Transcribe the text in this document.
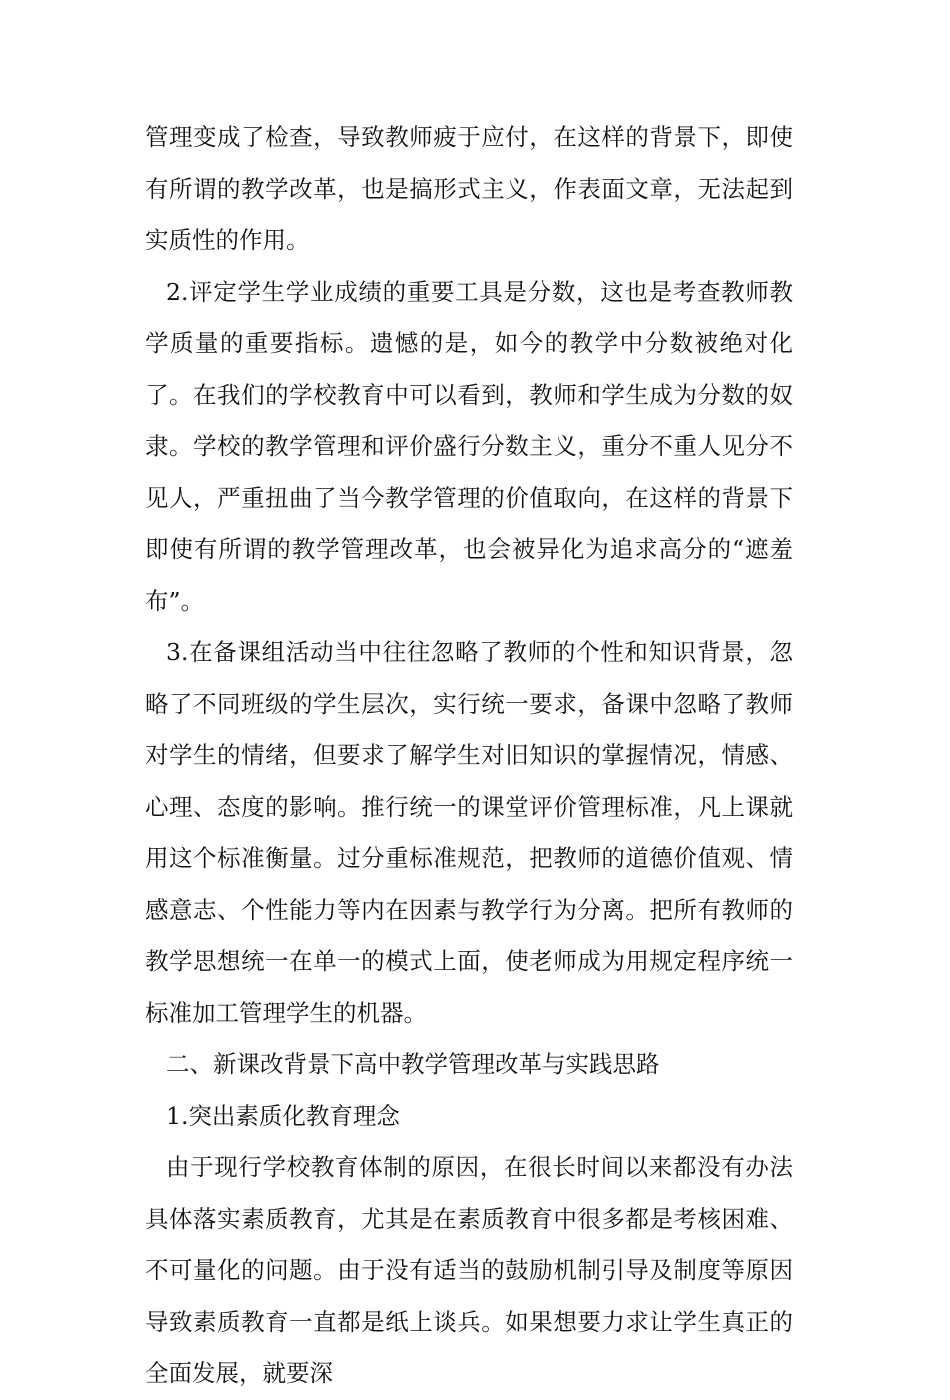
管理变成了检查，导致教师疲于应付，在这样的背景下，即使有所谓的教学改革，也是搞形式主义，作表面文章，无法起到实质性的作用。

2.评定学生学业成绩的重要工具是分数，这也是考查教师教学质量的重要指标。遗憾的是，如今的教学中分数被绝对化了。在我们的学校教育中可以看到，教师和学生成为分数的奴隶。学校的教学管理和评价盛行分数主义，重分不重人见分不见人，严重扭曲了当今教学管理的价值取向，在这样的背景下即使有所谓的教学管理改革，也会被异化为追求高分的“遮羞布”。

3.在备课组活动当中往往忽略了教师的个性和知识背景，忽略了不同班级的学生层次，实行统一要求，备课中忽略了教师对学生的情绪，但要求了解学生对旧知识的掌握情况，情感、心理、态度的影响。推行统一的课堂评价管理标准，凡上课就用这个标准衡量。过分重标准规范，把教师的道德价值观、情感意志、个性能力等内在因素与教学行为分离。把所有教师的教学思想统一在单一的模式上面，使老师成为用规定程序统一标准加工管理学生的机器。

二、新课改背景下高中教学管理改革与实践思路

1.突出素质化教育理念

由于现行学校教育体制的原因，在很长时间以来都没有办法具体落实素质教育，尤其是在素质教育中很多都是考核困难、不可量化的问题。由于没有适当的鼓励机制引导及制度等原因导致素质教育一直都是纸上谈兵。如果想要力求让学生真正的全面发展，就要深
